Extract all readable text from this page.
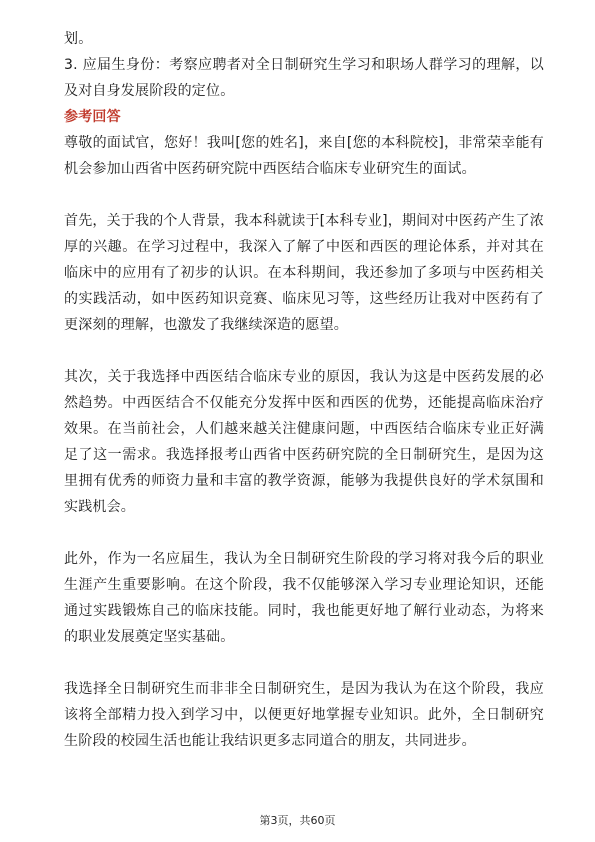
划。

3. 应届生身份：考察应聘者对全日制研究生学习和职场人群学习的理解，以及对自身发展阶段的定位。

参考回答

尊敬的面试官，您好！我叫[您的姓名]，来自[您的本科院校]，非常荣幸能有机会参加山西省中医药研究院中西医结合临床专业研究生的面试。

首先，关于我的个人背景，我本科就读于[本科专业]，期间对中医药产生了浓厚的兴趣。在学习过程中，我深入了解了中医和西医的理论体系，并对其在临床中的应用有了初步的认识。在本科期间，我还参加了多项与中医药相关的实践活动，如中医药知识竞赛、临床见习等，这些经历让我对中医药有了更深刻的理解，也激发了我继续深造的愿望。

其次，关于我选择中西医结合临床专业的原因，我认为这是中医药发展的必然趋势。中西医结合不仅能充分发挥中医和西医的优势，还能提高临床治疗效果。在当前社会，人们越来越关注健康问题，中西医结合临床专业正好满足了这一需求。我选择报考山西省中医药研究院的全日制研究生，是因为这里拥有优秀的师资力量和丰富的教学资源，能够为我提供良好的学术氛围和实践机会。

此外，作为一名应届生，我认为全日制研究生阶段的学习将对我今后的职业生涯产生重要影响。在这个阶段，我不仅能够深入学习专业理论知识，还能通过实践锻炼自己的临床技能。同时，我也能更好地了解行业动态，为将来的职业发展奠定坚实基础。

我选择全日制研究生而非非全日制研究生，是因为我认为在这个阶段，我应该将全部精力投入到学习中，以便更好地掌握专业知识。此外，全日制研究生阶段的校园生活也能让我结识更多志同道合的朋友，共同进步。

第3页，共60页
